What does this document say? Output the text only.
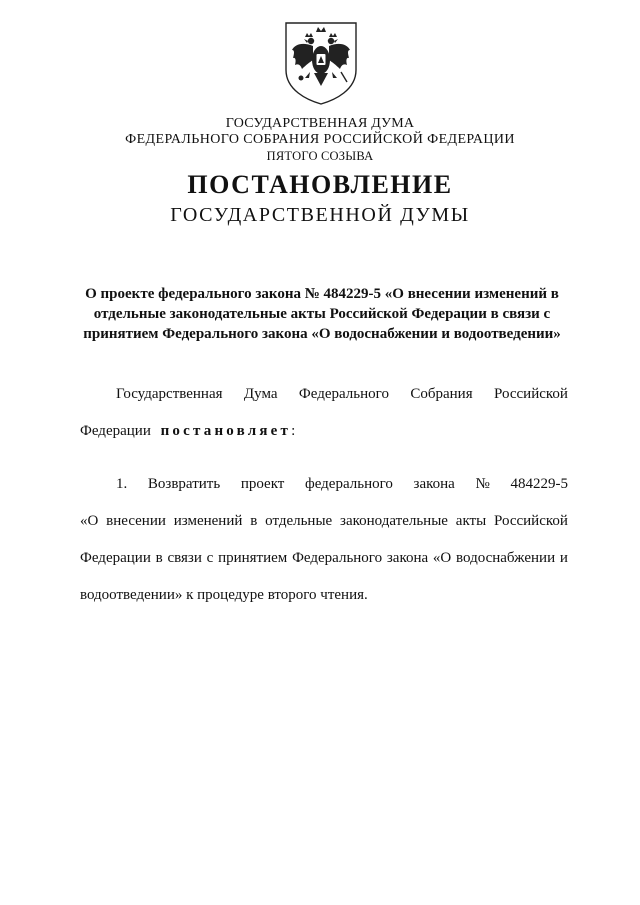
ГОСУДАРСТВЕННАЯ ДУМА
ФЕДЕРАЛЬНОГО СОБРАНИЯ РОССИЙСКОЙ ФЕДЕРАЦИИ
ПЯТОГО СОЗЫВА
ПОСТАНОВЛЕНИЕ
ГОСУДАРСТВЕННОЙ ДУМЫ
О проекте федерального закона № 484229-5 «О внесении изменений в отдельные законодательные акты Российской Федерации в связи с принятием Федерального закона «О водоснабжении и водоотведении»
Государственная Дума Федерального Собрания Российской
Федерации постановляет:
1. Возвратить проект федерального закона № 484229-5
«О внесении изменений в отдельные законодательные акты Российской
Федерации в связи с принятием Федерального закона «О водоснабжении и
водоотведении» к процедуре второго чтения.
